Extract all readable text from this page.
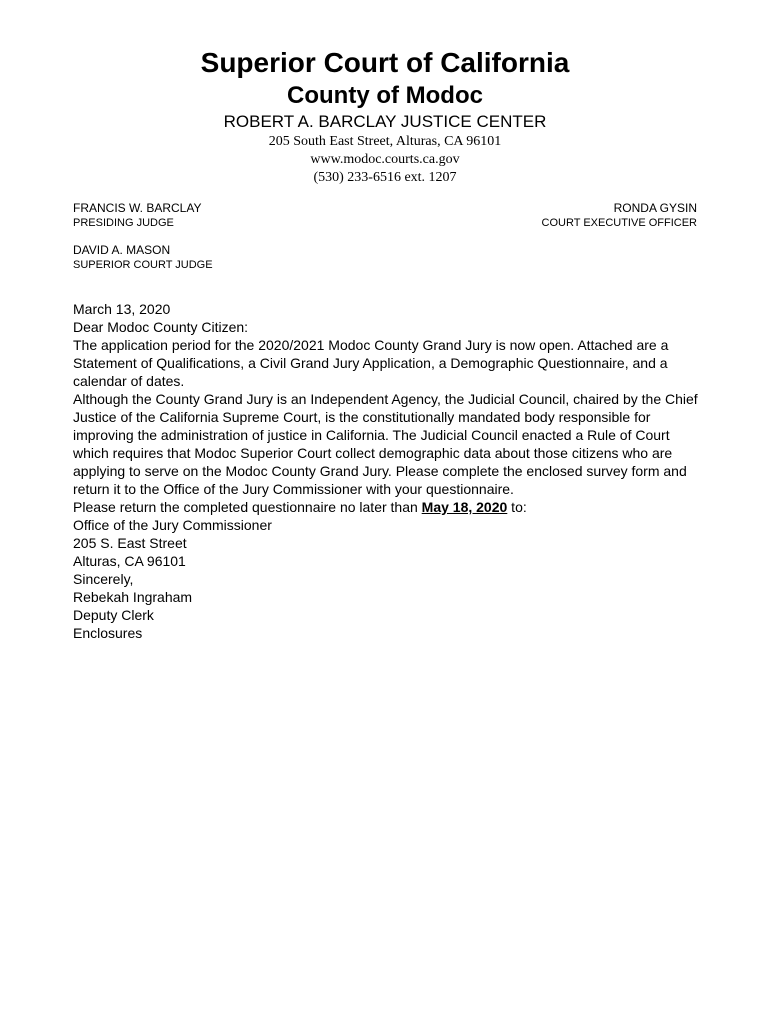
Superior Court of California
County of Modoc
ROBERT A. BARCLAY JUSTICE CENTER
205 South East Street, Alturas, CA 96101
www.modoc.courts.ca.gov
(530) 233-6516 ext. 1207
FRANCIS W. BARCLAY
PRESIDING JUDGE
DAVID A. MASON
SUPERIOR COURT JUDGE
RONDA GYSIN
COURT EXECUTIVE OFFICER

March 13, 2020

Dear Modoc County Citizen:

The application period for the 2020/2021 Modoc County Grand Jury is now open. Attached are a Statement of Qualifications, a Civil Grand Jury Application, a Demographic Questionnaire, and a calendar of dates.

Although the County Grand Jury is an Independent Agency, the Judicial Council, chaired by the Chief Justice of the California Supreme Court, is the constitutionally mandated body responsible for improving the administration of justice in California. The Judicial Council enacted a Rule of Court which requires that Modoc Superior Court collect demographic data about those citizens who are applying to serve on the Modoc County Grand Jury. Please complete the enclosed survey form and return it to the Office of the Jury Commissioner with your questionnaire.

Please return the completed questionnaire no later than May 18, 2020 to:

Office of the Jury Commissioner
205 S. East Street
Alturas, CA 96101

Sincerely,

Rebekah Ingraham
Deputy Clerk

Enclosures
